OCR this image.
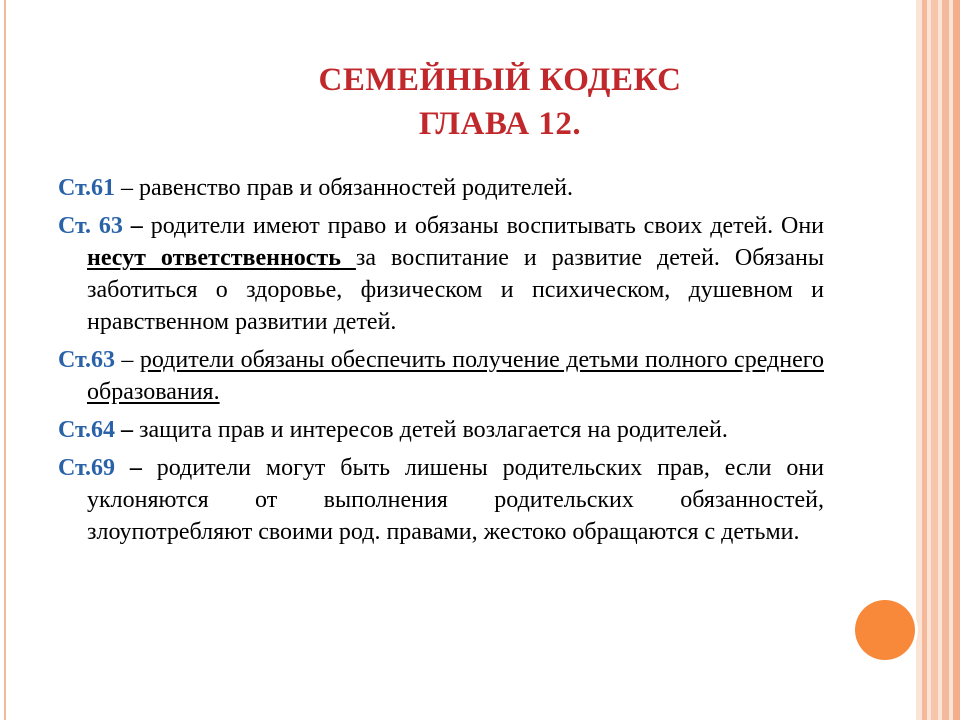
СЕМЕЙНЫЙ КОДЕКС
ГЛАВА 12.

Ст.61 – равенство прав и обязанностей родителей.

Ст. 63 – родители имеют право и обязаны воспитывать своих детей. Они несут ответственность за воспитание и развитие детей. Обязаны заботиться о здоровье, физическом и психическом, душевном и нравственном развитии детей.

Ст.63 – родители обязаны обеспечить получение детьми полного среднего образования.

Ст.64 – защита прав и интересов детей возлагается на родителей.

Ст.69 – родители могут быть лишены родительских прав, если они уклоняются от выполнения родительских обязанностей, злоупотребляют своими род. правами, жестоко обращаются с детьми.
